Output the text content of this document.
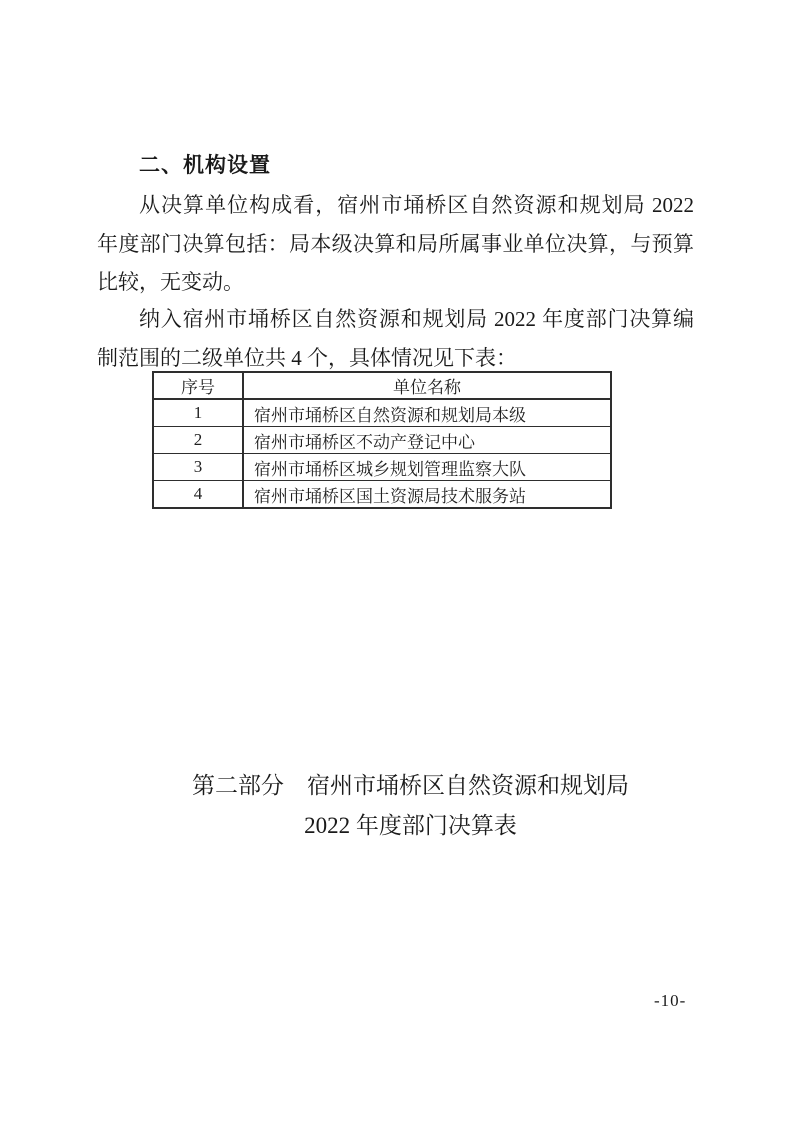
二、机构设置

从决算单位构成看，宿州市埇桥区自然资源和规划局 2022 年度部门决算包括：局本级决算和局所属事业单位决算，与预算比较，无变动。

纳入宿州市埇桥区自然资源和规划局 2022 年度部门决算编制范围的二级单位共 4 个，具体情况见下表：

序号	单位名称
1	宿州市埇桥区自然资源和规划局本级
2	宿州市埇桥区不动产登记中心
3	宿州市埇桥区城乡规划管理监察大队
4	宿州市埇桥区国土资源局技术服务站
第二部分　宿州市埇桥区自然资源和规划局
2022 年度部门决算表
-10-
